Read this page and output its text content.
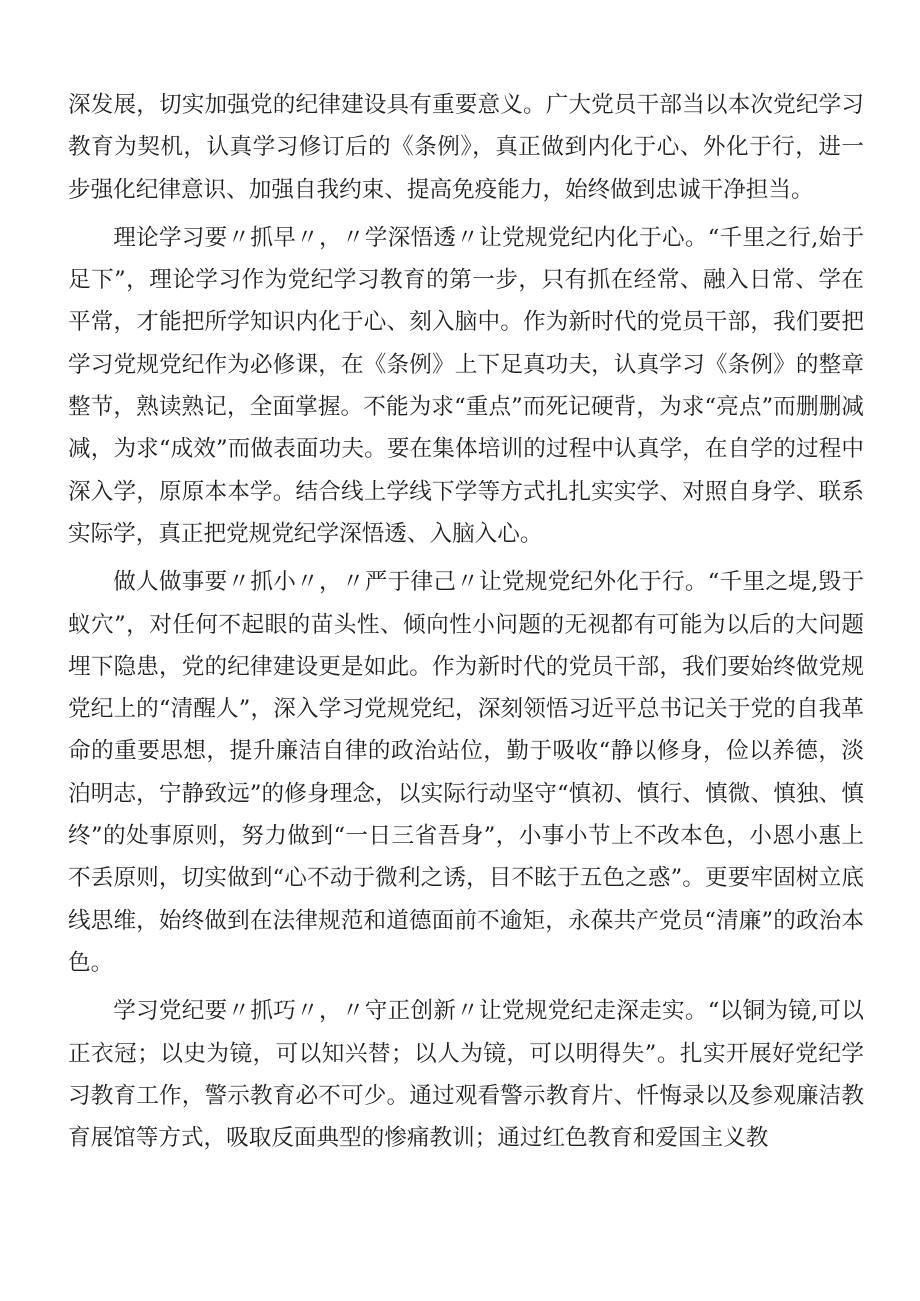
深发展，切实加强党的纪律建设具有重要意义。广大党员干部当以本次党纪学习教育为契机，认真学习修订后的《条例》，真正做到内化于心、外化于行，进一步强化纪律意识、加强自我约束、提高免疫能力，始终做到忠诚干净担当。

理论学习要〃抓早〃，〃学深悟透〃让党规党纪内化于心。“千里之行,始于足下”，理论学习作为党纪学习教育的第一步，只有抓在经常、融入日常、学在平常，才能把所学知识内化于心、刻入脑中。作为新时代的党员干部，我们要把学习党规党纪作为必修课，在《条例》上下足真功夫，认真学习《条例》的整章整节，熟读熟记，全面掌握。不能为求“重点”而死记硬背，为求“亮点”而删删减减，为求“成效”而做表面功夫。要在集体培训的过程中认真学，在自学的过程中深入学，原原本本学。结合线上学线下学等方式扎扎实实学、对照自身学、联系实际学，真正把党规党纪学深悟透、入脑入心。

做人做事要〃抓小〃，〃严于律己〃让党规党纪外化于行。“千里之堤,毁于蚁穴”，对任何不起眼的苗头性、倾向性小问题的无视都有可能为以后的大问题埋下隐患，党的纪律建设更是如此。作为新时代的党员干部，我们要始终做党规党纪上的“清醒人”，深入学习党规党纪，深刻领悟习近平总书记关于党的自我革命的重要思想，提升廉洁自律的政治站位，勤于吸收“静以修身，俭以养德，淡泊明志，宁静致远”的修身理念，以实际行动坚守“慎初、慎行、慎微、慎独、慎终”的处事原则，努力做到“一日三省吾身”，小事小节上不改本色，小恩小惠上不丢原则，切实做到“心不动于微利之诱，目不眩于五色之惑”。更要牢固树立底线思维，始终做到在法律规范和道德面前不逾矩，永葆共产党员“清廉”的政治本色。

学习党纪要〃抓巧〃，〃守正创新〃让党规党纪走深走实。“以铜为镜,可以正衣冠；以史为镜，可以知兴替；以人为镜，可以明得失”。扎实开展好党纪学习教育工作，警示教育必不可少。通过观看警示教育片、忏悔录以及参观廉洁教育展馆等方式，吸取反面典型的惨痛教训；通过红色教育和爱国主义教
